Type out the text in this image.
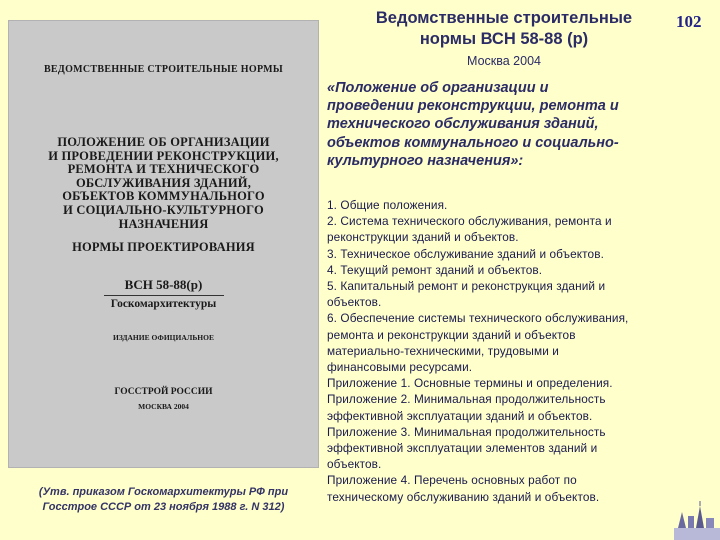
ВЕДОМСТВЕННЫЕ СТРОИТЕЛЬНЫЕ НОРМЫ

ПОЛОЖЕНИЕ ОБ ОРГАНИЗАЦИИ
И ПРОВЕДЕНИИ РЕКОНСТРУКЦИИ,
РЕМОНТА И ТЕХНИЧЕСКОГО
ОБСЛУЖИВАНИЯ ЗДАНИЙ,
ОБЪЕКТОВ КОММУНАЛЬНОГО
И СОЦИАЛЬНО-КУЛЬТУРНОГО
НАЗНАЧЕНИЯ

НОРМЫ ПРОЕКТИРОВАНИЯ

ВСН 58-88(р)

Госкомархитектуры

ИЗДАНИЕ ОФИЦИАЛЬНОЕ

ГОССТРОЙ РОССИИ

МОСКВА 2004

(Утв. приказом Госкомархитектуры РФ при
Госстрое СССР от 23 ноября 1988 г. N 312)
Ведомственные строительные
нормы ВСН 58-88 (р)
Москва 2004
102

«Положение об организации и
проведении реконструкции, ремонта и
технического обслуживания зданий,
объектов коммунального и социально-
культурного назначения»:

1. Общие положения.
2. Система технического обслуживания, ремонта и
реконструкции зданий и объектов.
3. Техническое обслуживание зданий и объектов.
4. Текущий ремонт зданий и объектов.
5. Капитальный ремонт и реконструкция зданий и
объектов.
6. Обеспечение системы технического обслуживания,
ремонта и реконструкции зданий и объектов
материально-техническими, трудовыми и
финансовыми ресурсами.
Приложение 1. Основные термины и определения.
Приложение 2. Минимальная продолжительность
эффективной эксплуатации зданий и объектов.
Приложение 3. Минимальная продолжительность
эффективной эксплуатации элементов зданий и
объектов.
Приложение 4. Перечень основных работ по
техническому обслуживанию зданий и объектов.
